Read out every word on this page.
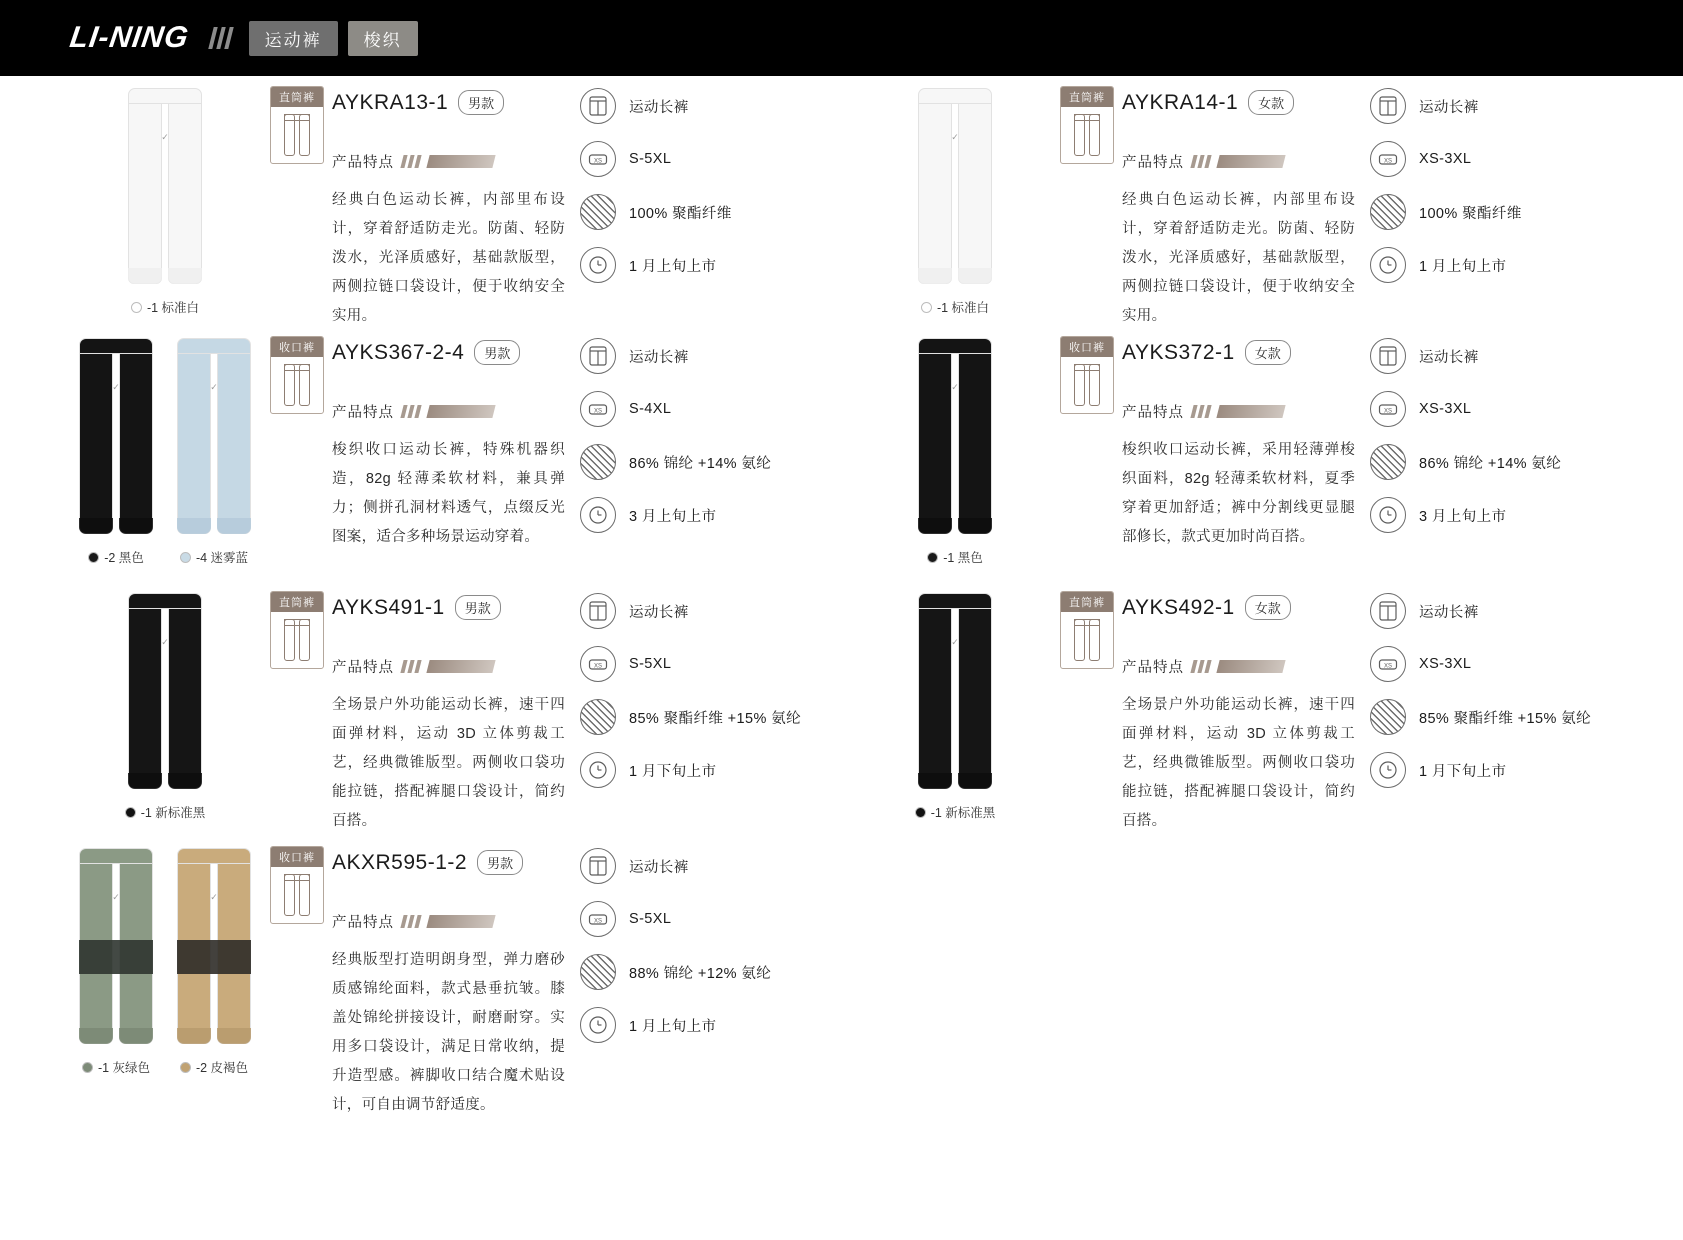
LI-NING	运动裤	梭织
✓
-1 标准白
直筒裤 AYKRA13-1	男款
产品特点
经典白色运动长裤，内部里布设计，穿着舒适防走光。防菌、轻防泼水，光泽质感好，基础款版型，两侧拉链口袋设计，便于收纳安全实用。
运动长裤
XS S-5XL
100% 聚酯纤维
1 月上旬上市
✓
-1 标准白
直筒裤 AYKRA14-1	女款
产品特点
经典白色运动长裤，内部里布设计，穿着舒适防走光。防菌、轻防泼水，光泽质感好，基础款版型，两侧拉链口袋设计，便于收纳安全实用。
运动长裤
XS XS-3XL
100% 聚酯纤维
1 月上旬上市
✓
-2 黑色
✓
-4 迷雾蓝
收口裤 AYKS367-2-4	男款
产品特点
梭织收口运动长裤，特殊机器织造，82g 轻薄柔软材料，兼具弹力；侧拼孔洞材料透气，点缀反光图案，适合多种场景运动穿着。
运动长裤
XS S-4XL
86% 锦纶 +14% 氨纶
3 月上旬上市
✓
-1 黑色
收口裤 AYKS372-1	女款
产品特点
梭织收口运动长裤，采用轻薄弹梭织面料，82g 轻薄柔软材料，夏季穿着更加舒适；裤中分割线更显腿部修长，款式更加时尚百搭。
运动长裤
XS XS-3XL
86% 锦纶 +14% 氨纶
3 月上旬上市
✓
-1 新标准黑
直筒裤 AYKS491-1	男款
产品特点
全场景户外功能运动长裤，速干四面弹材料，运动 3D 立体剪裁工艺，经典微锥版型。两侧收口袋功能拉链，搭配裤腿口袋设计，简约百搭。
运动长裤
XS S-5XL
85% 聚酯纤维 +15% 氨纶
1 月下旬上市
✓
-1 新标准黑
直筒裤 AYKS492-1	女款
产品特点
全场景户外功能运动长裤，速干四面弹材料，运动 3D 立体剪裁工艺，经典微锥版型。两侧收口袋功能拉链，搭配裤腿口袋设计，简约百搭。
运动长裤
XS XS-3XL
85% 聚酯纤维 +15% 氨纶
1 月下旬上市
✓
-1 灰绿色
✓
-2 皮褐色
收口裤 AKXR595-1-2	男款
产品特点
经典版型打造明朗身型，弹力磨砂质感锦纶面料，款式悬垂抗皱。膝盖处锦纶拼接设计，耐磨耐穿。实用多口袋设计，满足日常收纳，提升造型感。裤脚收口结合魔术贴设计，可自由调节舒适度。
运动长裤
XS S-5XL
88% 锦纶 +12% 氨纶
1 月上旬上市
